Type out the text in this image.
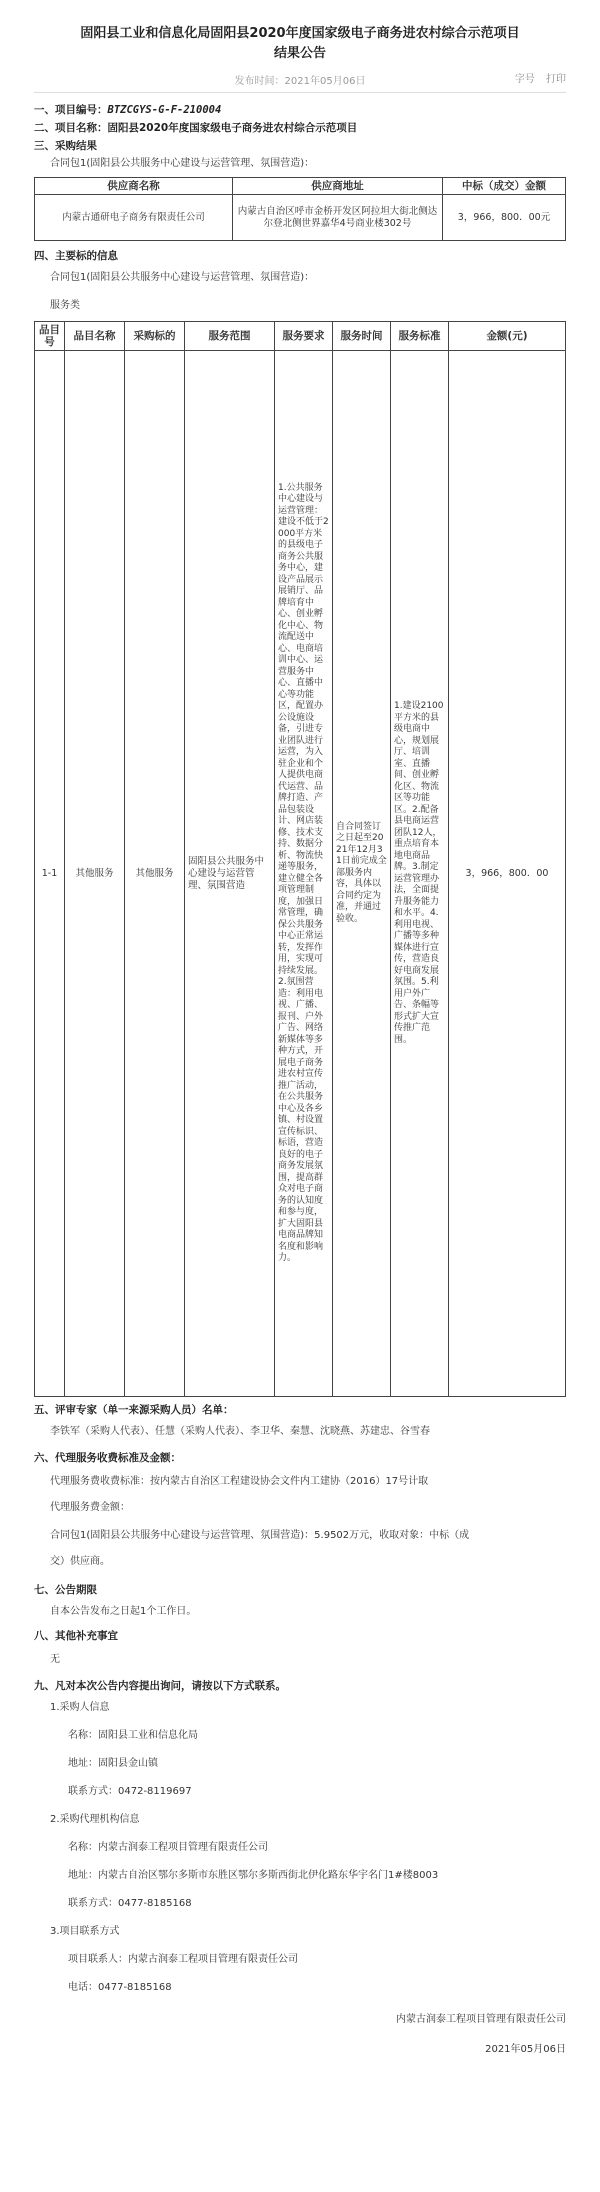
固阳县工业和信息化局固阳县2020年度国家级电子商务进农村综合示范项目
结果公告
发布时间：2021年05月06日	字号 打印
一、项目编号：BTZCGYS-G-F-210004
二、项目名称：固阳县2020年度国家级电子商务进农村综合示范项目
三、采购结果
合同包1(固阳县公共服务中心建设与运营管理、氛围营造)：
供应商名称	供应商地址	中标（成交）金额
内蒙古通研电子商务有限责任公司	内蒙古自治区呼市金桥开发区阿拉坦大街北侧达尔登北侧世界嘉华4号商业楼302号	3，966，800．00元
四、主要标的信息
合同包1(固阳县公共服务中心建设与运营管理、氛围营造)：
服务类
品目号	品目名称	采购标的	服务范围	服务要求	服务时间	服务标准	金额(元)
1-1	其他服务	其他服务	固阳县公共服务中心建设与运营管理、氛围营造	1.公共服务中心建设与运营管理：建设不低于2000平方米的县级电子商务公共服务中心，建设产品展示展销厅、品牌培育中心、创业孵化中心、物流配送中心、电商培训中心、运营服务中心、直播中心等功能区，配置办公设施设备，引进专业团队进行运营，为入驻企业和个人提供电商代运营、品牌打造、产品包装设计、网店装修、技术支持、数据分析、物流快递等服务，建立健全各项管理制度，加强日常管理，确保公共服务中心正常运转，发挥作用，实现可持续发展。2.氛围营造：利用电视、广播、报刊、户外广告、网络新媒体等多种方式，开展电子商务进农村宣传推广活动，在公共服务中心及各乡镇、村设置宣传标识、标语，营造良好的电子商务发展氛围，提高群众对电子商务的认知度和参与度，扩大固阳县电商品牌知名度和影响力。	自合同签订之日起至2021年12月31日前完成全部服务内容，具体以合同约定为准，并通过验收。	1.建设2100平方米的县级电商中心，规划展厅、培训室、直播间、创业孵化区、物流区等功能区。2.配备县电商运营团队12人，重点培育本地电商品牌。3.制定运营管理办法，全面提升服务能力和水平。4.利用电视、广播等多种媒体进行宣传，营造良好电商发展氛围。5.利用户外广告、条幅等形式扩大宣传推广范围。	3，966，800．00
五、评审专家（单一来源采购人员）名单：
李铁军（采购人代表）、任慧（采购人代表）、李卫华、秦慧、沈晓燕、苏建忠、谷雪春
六、代理服务收费标准及金额：
代理服务费收费标准：按内蒙古自治区工程建设协会文件内工建协（2016）17号计取
代理服务费金额：
合同包1(固阳县公共服务中心建设与运营管理、氛围营造)：5.9502万元，收取对象：中标（成
交）供应商。
七、公告期限
自本公告发布之日起1个工作日。
八、其他补充事宜
无
九、凡对本次公告内容提出询问，请按以下方式联系。
1.采购人信息
名称：固阳县工业和信息化局
地址：固阳县金山镇
联系方式：0472-8119697
2.采购代理机构信息
名称：内蒙古润泰工程项目管理有限责任公司
地址：内蒙古自治区鄂尔多斯市东胜区鄂尔多斯西街北伊化路东华宇名门1#楼8003
联系方式：0477-8185168
3.项目联系方式
项目联系人：内蒙古润泰工程项目管理有限责任公司
电话：0477-8185168
内蒙古润泰工程项目管理有限责任公司
2021年05月06日
